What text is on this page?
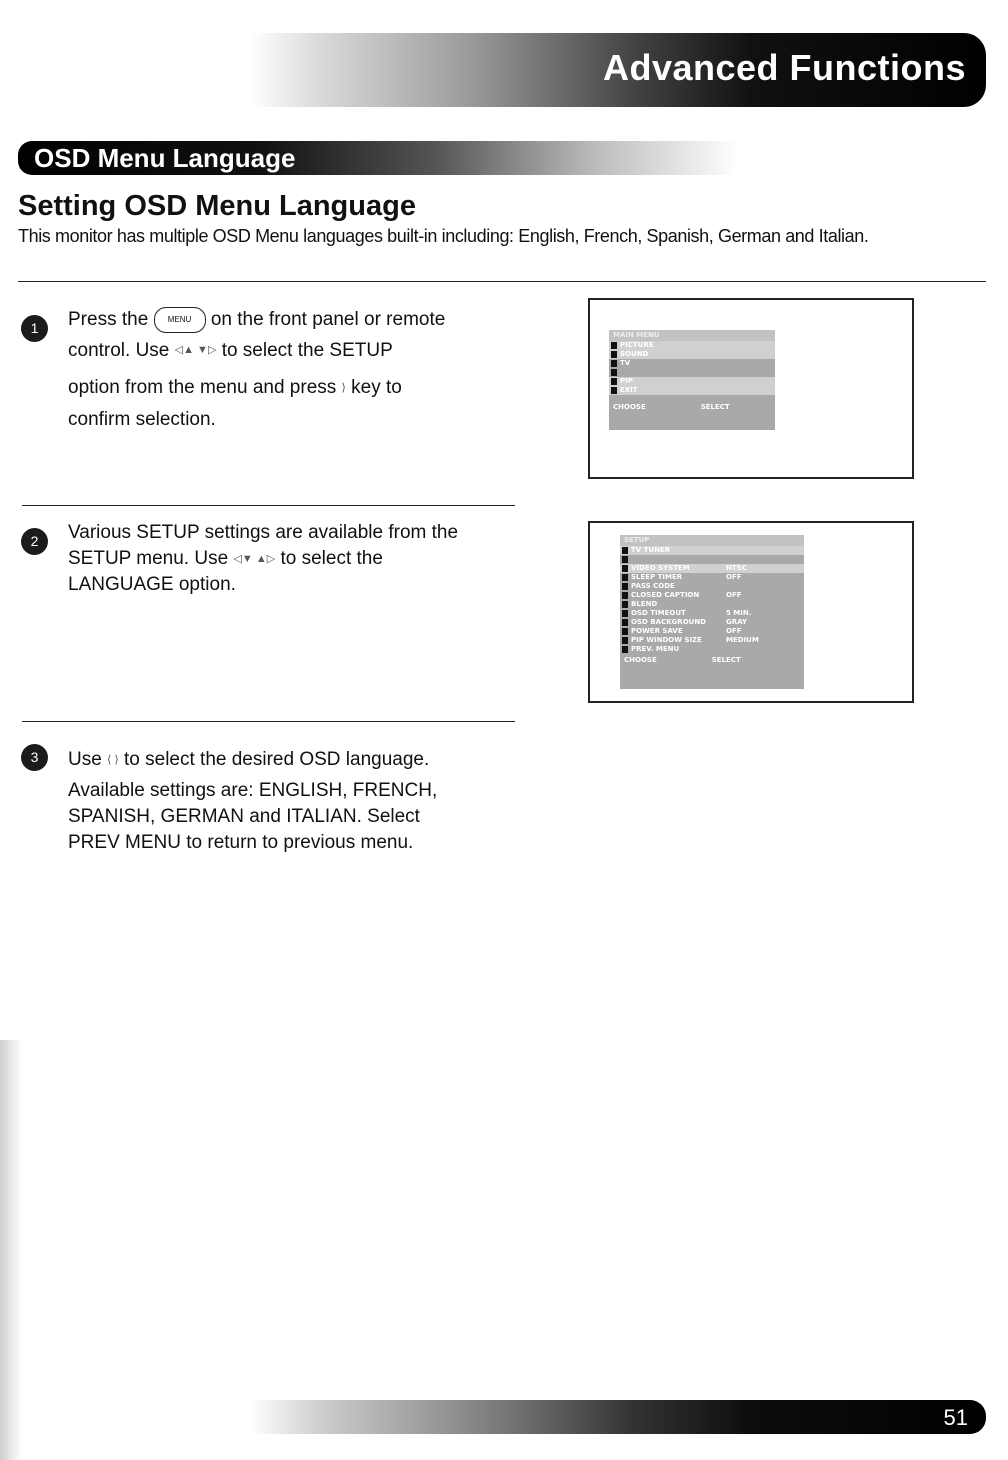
Advanced Functions
OSD Menu Language
Setting OSD Menu Language
This monitor has multiple OSD Menu languages built-in including: English, French, Spanish, German and Italian.
1	Press the MENU on the front panel or remote

control. Use ◁▲ ▼▷ to select the SETUP

option from the menu and press ⟩ key to

confirm selection.

MAIN MENU
PICTURE
SOUND
TV
PIP
EXIT
CHOOSE	SELECT
2	Various SETUP settings are available from the

SETUP menu. Use ◁▼ ▲▷ to select the

LANGUAGE option.

SETUP
TV TUNER
VIDEO SYSTEM	NTSC
SLEEP TIMER	OFF
PASS CODE
CLOSED CAPTION	OFF
BLEND
OSD TIMEOUT	5 MIN.
OSD BACKGROUND	GRAY
POWER SAVE	OFF
PIP WINDOW SIZE	MEDIUM
PREV. MENU
CHOOSE	SELECT
3	Use ⟨ ⟩ to select the desired OSD language.

Available settings are: ENGLISH, FRENCH,

SPANISH, GERMAN and ITALIAN. Select

PREV MENU to return to previous menu.

51
